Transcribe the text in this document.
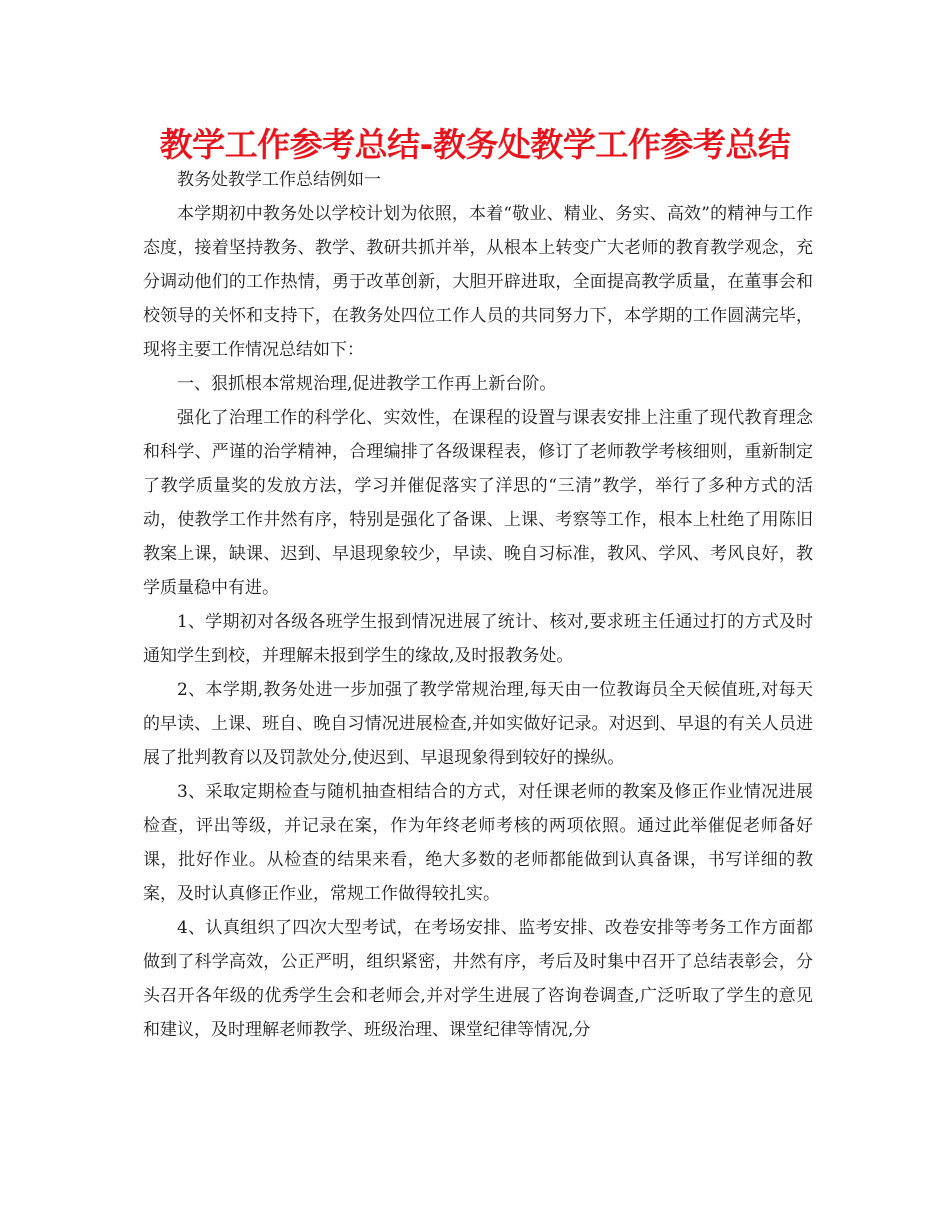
教学工作参考总结-教务处教学工作参考总结

教务处教学工作总结例如一

本学期初中教务处以学校计划为依照，本着“敬业、精业、务实、高效”的精神与工作态度，接着坚持教务、教学、教研共抓并举，从根本上转变广大老师的教育教学观念，充分调动他们的工作热情，勇于改革创新，大胆开辟进取，全面提高教学质量，在董事会和校领导的关怀和支持下，在教务处四位工作人员的共同努力下，本学期的工作圆满完毕，现将主要工作情况总结如下：

一、狠抓根本常规治理,促进教学工作再上新台阶。

强化了治理工作的科学化、实效性，在课程的设置与课表安排上注重了现代教育理念和科学、严谨的治学精神，合理编排了各级课程表，修订了老师教学考核细则，重新制定了教学质量奖的发放方法，学习并催促落实了洋思的“三清”教学，举行了多种方式的活动，使教学工作井然有序，特别是强化了备课、上课、考察等工作，根本上杜绝了用陈旧教案上课，缺课、迟到、早退现象较少，早读、晚自习标准，教风、学风、考风良好，教学质量稳中有进。

1、学期初对各级各班学生报到情况进展了统计、核对,要求班主任通过打的方式及时通知学生到校，并理解未报到学生的缘故,及时报教务处。

2、本学期,教务处进一步加强了教学常规治理,每天由一位教诲员全天候值班,对每天的早读、上课、班自、晚自习情况进展检查,并如实做好记录。对迟到、早退的有关人员进展了批判教育以及罚款处分,使迟到、早退现象得到较好的操纵。

3、采取定期检查与随机抽查相结合的方式，对任课老师的教案及修正作业情况进展检查，评出等级，并记录在案，作为年终老师考核的两项依照。通过此举催促老师备好课，批好作业。从检查的结果来看，绝大多数的老师都能做到认真备课，书写详细的教案，及时认真修正作业，常规工作做得较扎实。

4、认真组织了四次大型考试，在考场安排、监考安排、改卷安排等考务工作方面都做到了科学高效，公正严明，组织紧密，井然有序，考后及时集中召开了总结表彰会，分头召开各年级的优秀学生会和老师会,并对学生进展了咨询卷调查,广泛听取了学生的意见和建议，及时理解老师教学、班级治理、课堂纪律等情况,分
